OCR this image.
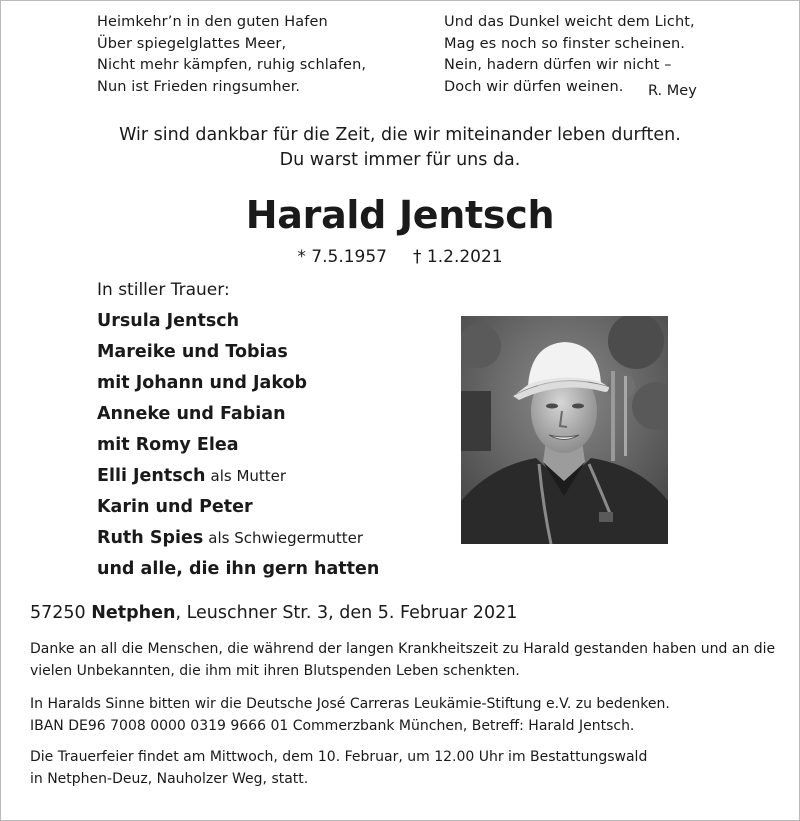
Heimkehr’n in den guten Hafen
Über spiegelglattes Meer,
Nicht mehr kämpfen, ruhig schlafen,
Nun ist Frieden ringsumher.
Und das Dunkel weicht dem Licht,
Mag es noch so finster scheinen.
Nein, hadern dürfen wir nicht –
Doch wir dürfen weinen.	R. Mey
Wir sind dankbar für die Zeit, die wir miteinander leben durften.
Du warst immer für uns da.
Harald Jentsch
* 7.5.1957 † 1.2.2021
In stiller Trauer:
Ursula Jentsch
Mareike und Tobias
mit Johann und Jakob
Anneke und Fabian
mit Romy Elea
Elli Jentsch als Mutter
Karin und Peter
Ruth Spies als Schwiegermutter
und alle, die ihn gern hatten
57250 Netphen, Leuschner Str. 3, den 5. Februar 2021
Danke an all die Menschen, die während der langen Krankheitszeit zu Harald gestanden haben und an die
vielen Unbekannten, die ihm mit ihren Blutspenden Leben schenkten.
In Haralds Sinne bitten wir die Deutsche José Carreras Leukämie-Stiftung e.V. zu bedenken.
IBAN DE96 7008 0000 0319 9666 01 Commerzbank München, Betreff: Harald Jentsch.
Die Trauerfeier findet am Mittwoch, dem 10. Februar, um 12.00 Uhr im Bestattungswald
in Netphen-Deuz, Nauholzer Weg, statt.
